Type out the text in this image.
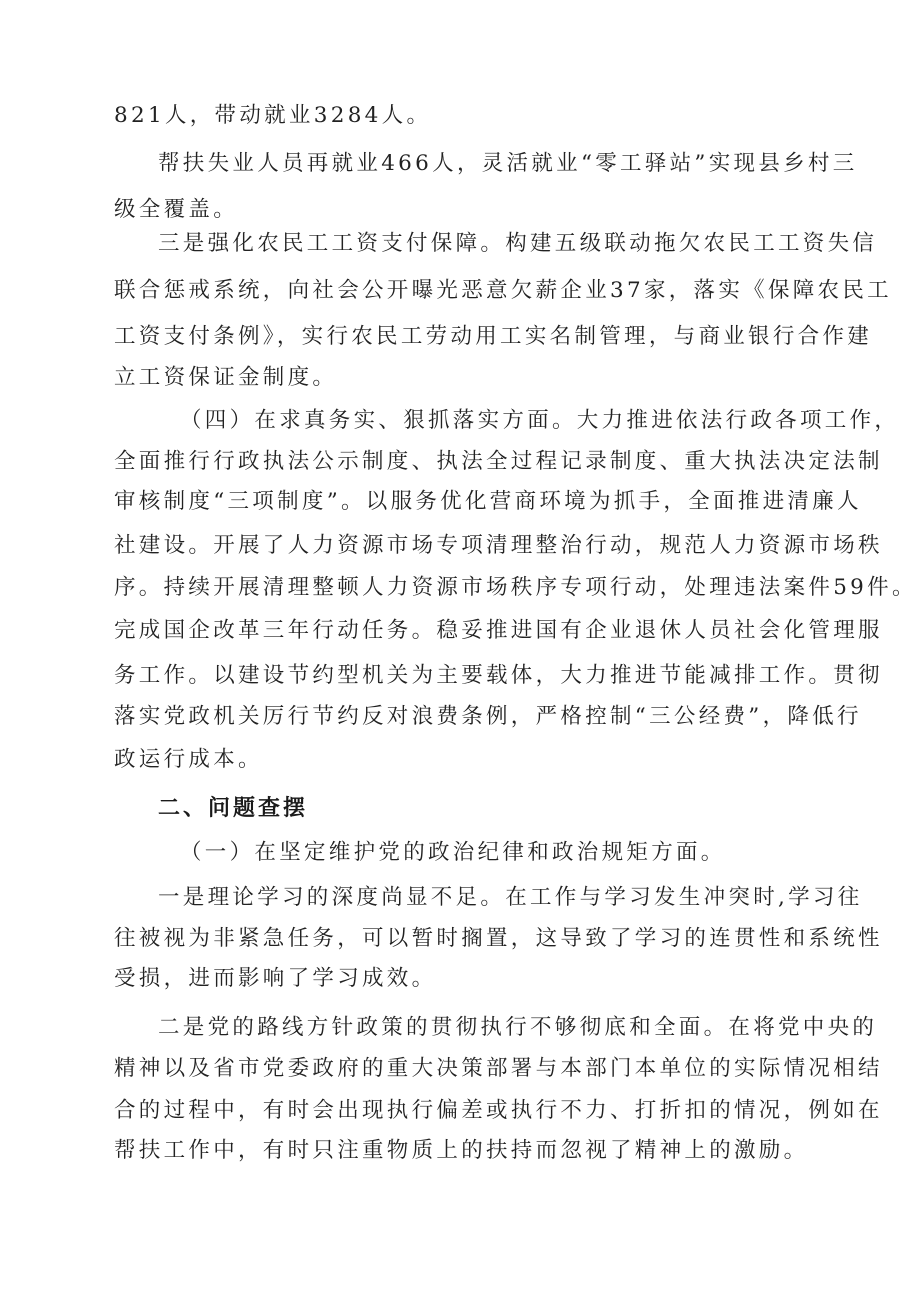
821人，带动就业3284人。

帮扶失业人员再就业466人，灵活就业“零工驿站”实现县乡村三

级全覆盖。

三是强化农民工工资支付保障。构建五级联动拖欠农民工工资失信

联合惩戒系统，向社会公开曝光恶意欠薪企业37家，落实《保障农民工

工资支付条例》，实行农民工劳动用工实名制管理，与商业银行合作建

立工资保证金制度。

（四）在求真务实、狠抓落实方面。大力推进依法行政各项工作，

全面推行行政执法公示制度、执法全过程记录制度、重大执法决定法制

审核制度“三项制度”。以服务优化营商环境为抓手，全面推进清廉人

社建设。开展了人力资源市场专项清理整治行动，规范人力资源市场秩

序。持续开展清理整顿人力资源市场秩序专项行动，处理违法案件59件。

完成国企改革三年行动任务。稳妥推进国有企业退休人员社会化管理服

务工作。以建设节约型机关为主要载体，大力推进节能减排工作。贯彻

落实党政机关厉行节约反对浪费条例，严格控制“三公经费”，降低行

政运行成本。

二、问题查摆

（一）在坚定维护党的政治纪律和政治规矩方面。

一是理论学习的深度尚显不足。在工作与学习发生冲突时,学习往

往被视为非紧急任务，可以暂时搁置，这导致了学习的连贯性和系统性

受损，进而影响了学习成效。

二是党的路线方针政策的贯彻执行不够彻底和全面。在将党中央的

精神以及省市党委政府的重大决策部署与本部门本单位的实际情况相结

合的过程中，有时会出现执行偏差或执行不力、打折扣的情况，例如在

帮扶工作中，有时只注重物质上的扶持而忽视了精神上的激励。
